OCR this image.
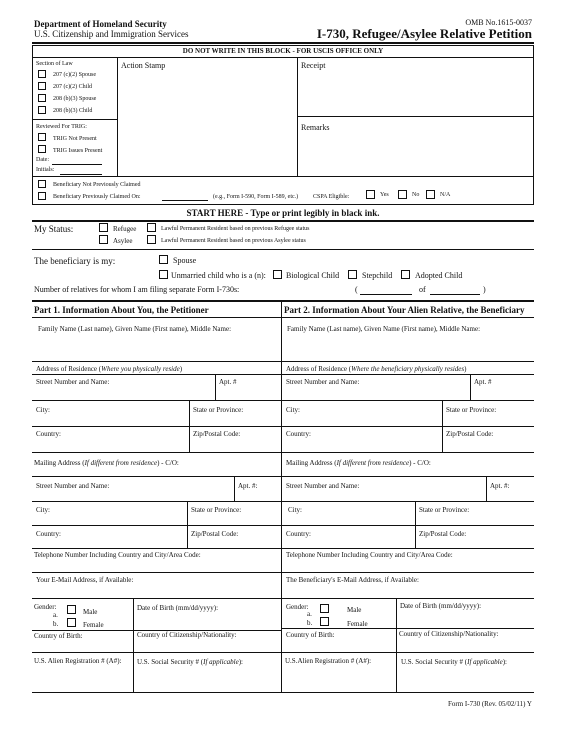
Department of Homeland Security
U.S. Citizenship and Immigration Services
OMB No.1615-0037
I-730, Refugee/Asylee Relative Petition
DO NOT WRITE IN THIS BLOCK - FOR USCIS OFFICE ONLY
Section of Law
207 (c)(2) Spouse
207 (c)(2) Child
208 (b)(3) Spouse
208 (b)(3) Child
Action Stamp	Receipt
Remarks
Reviewed For TRIG:
TRIG Not Present
TRIG Issues Present
Date:
Initials:
Beneficiary Not Previously Claimed
Beneficiary Previously Claimed On:	(e.g., Form I-590, Form I-589, etc.) CSPA Eligible:	Yes	No	N/A
START HERE - Type or print legibly in black ink.
My Status:	Refugee
Asylee
Lawful Permanent Resident based on previous Refugee status
Lawful Permanent Resident based on previous Asylee status
The beneficiary is my:	Spouse
Unmarried child who is a (n):	Biological Child	Stepchild	Adopted Child
Number of relatives for whom I am filing separate Form I-730s:	(	of	)
Part 1. Information About You, the Petitioner
Family Name (Last name), Given Name (First name), Middle Name:
Address of Residence (Where you physically reside)
Street Number and Name:	Apt. #
City:	State or Province:
Country:	Zip/Postal Code:
Mailing Address (If different from residence) - C/O:
Street Number and Name:	Apt. #:
City:	State or Province:
Country:	Zip/Postal Code:
Telephone Number Including Country and City/Area Code:
Your E-Mail Address, if Available:
Gender:
a.	Male
b.	Female
Date of Birth (mm/dd/yyyy):
Country of Birth:	Country of Citizenship/Nationality:
U.S. Alien Registration # (A#): U.S. Social Security # (If applicable):
Part 2. Information About Your Alien Relative, the Beneficiary
Family Name (Last name), Given Name (First name), Middle Name:
Address of Residence (Where the beneficiary physically resides)
Street Number and Name:	Apt. #
City:	State or Province:
Country:	Zip/Postal Code:
Mailing Address (If different from residence) - C/O:
Street Number and Name:	Apt. #:
City:	State or Province:
Country:	Zip/Postal Code:
Telephone Number Including Country and City/Area Code:
The Beneficiary's E-Mail Address, if Available:
Gender:
a.	Male
b.	Female
Date of Birth (mm/dd/yyyy):
Country of Birth:	Country of Citizenship/Nationality:
U.S.Alien Registration # (A#):	U.S. Social Security # (If applicable):
Form I-730 (Rev. 05/02/11) Y
